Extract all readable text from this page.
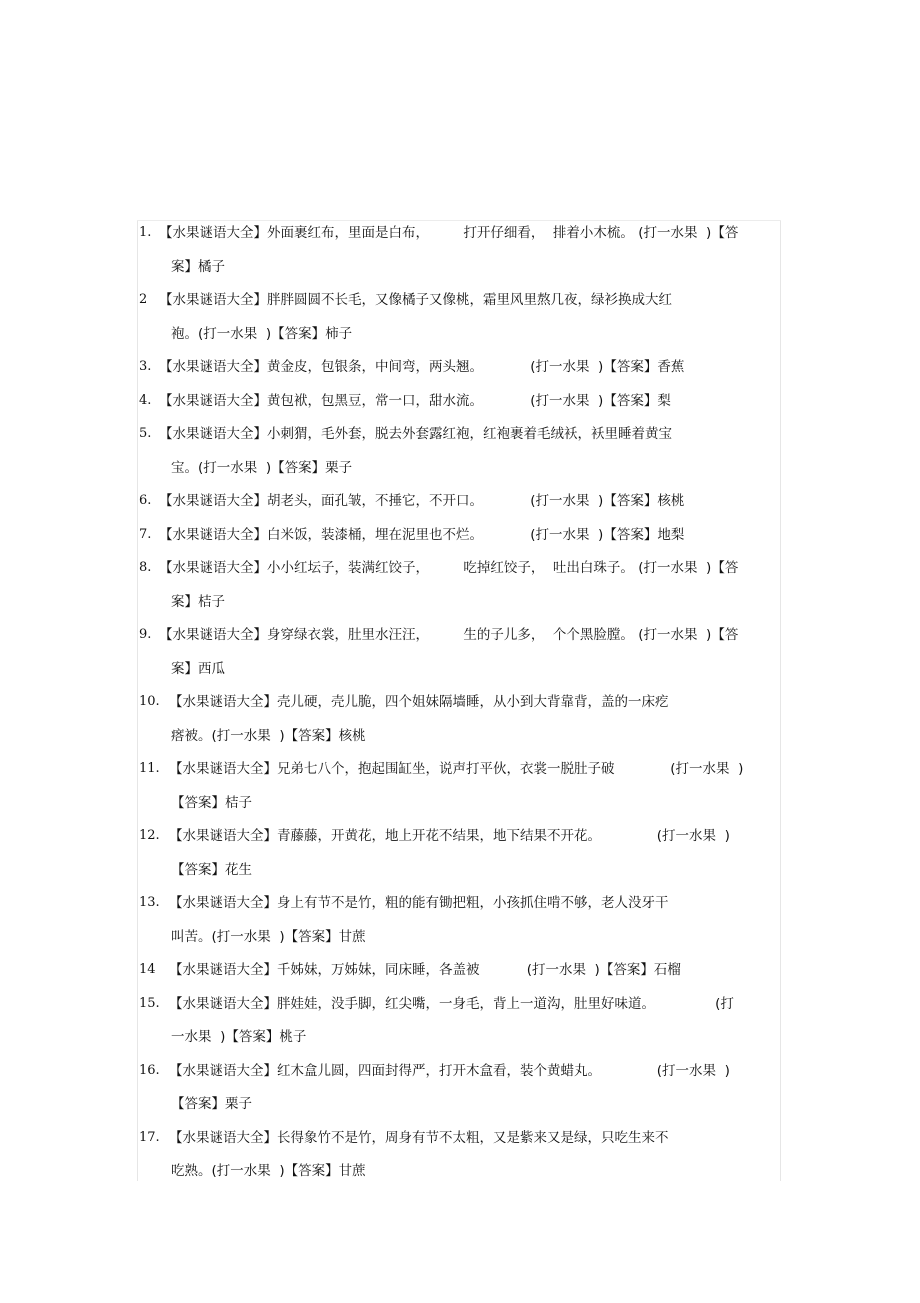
1. 【水果谜语大全】外面裹红布，里面是白布，        打开仔细看，  排着小木梳。 (打一水果  )【答
案】橘子
2 【水果谜语大全】胖胖圆圆不长毛，又像橘子又像桃，霜里风里熬几夜，绿衫换成大红
袍。(打一水果  )【答案】柿子
3. 【水果谜语大全】黄金皮，包银条，中间弯，两头翘。           (打一水果  )【答案】香蕉
4. 【水果谜语大全】黄包袱，包黑豆，常一口，甜水流。           (打一水果  )【答案】梨
5. 【水果谜语大全】小刺猬，毛外套，脱去外套露红袍，红袍裹着毛绒袄，袄里睡着黄宝
宝。(打一水果  )【答案】栗子
6. 【水果谜语大全】胡老头，面孔皱，不捶它，不开口。           (打一水果  )【答案】核桃
7. 【水果谜语大全】白米饭，装漆桶，埋在泥里也不烂。           (打一水果  )【答案】地梨
8. 【水果谜语大全】小小红坛子，装满红饺子，        吃掉红饺子，  吐出白珠子。 (打一水果  )【答
案】桔子
9. 【水果谜语大全】身穿绿衣裳，肚里水汪汪，        生的子儿多，  个个黑脸膛。 (打一水果  )【答
案】西瓜
10. 【水果谜语大全】壳儿硬，壳儿脆，四个姐妹隔墙睡，从小到大背靠背，盖的一床疙
瘩被。(打一水果  )【答案】核桃
11. 【水果谜语大全】兄弟七八个，抱起围缸坐，说声打平伙，衣裳一脱肚子破             (打一水果  )
【答案】桔子
12. 【水果谜语大全】青藤藤，开黄花，地上开花不结果，地下结果不开花。             (打一水果  )
【答案】花生
13. 【水果谜语大全】身上有节不是竹，粗的能有锄把粗，小孩抓住啃不够，老人没牙干
叫苦。(打一水果  )【答案】甘蔗
14 【水果谜语大全】千姊妹，万姊妹，同床睡，各盖被           (打一水果  )【答案】石榴
15. 【水果谜语大全】胖娃娃，没手脚，红尖嘴，一身毛，背上一道沟，肚里好味道。              (打
一水果  )【答案】桃子
16. 【水果谜语大全】红木盒儿圆，四面封得严，打开木盒看，装个黄蜡丸。             (打一水果  )
【答案】栗子
17. 【水果谜语大全】长得象竹不是竹，周身有节不太粗，又是紫来又是绿，只吃生来不
吃熟。(打一水果  )【答案】甘蔗
